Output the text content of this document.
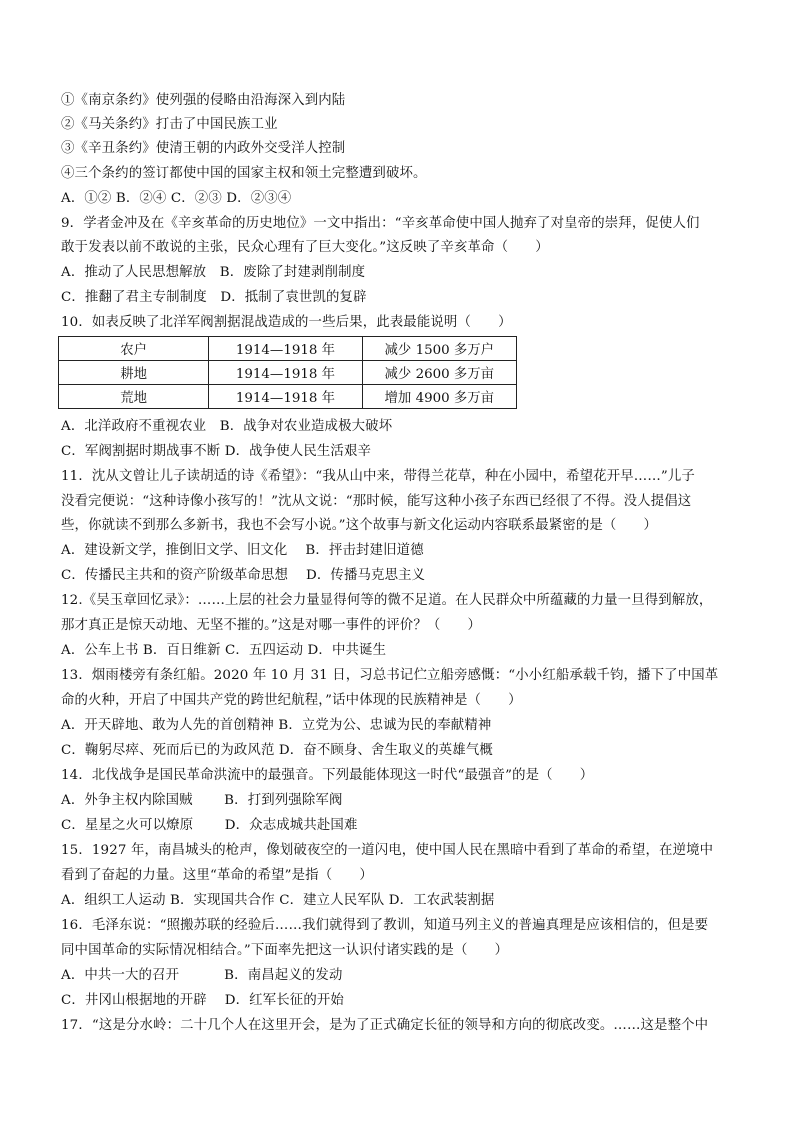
①《南京条约》使列强的侵略由沿海深入到内陆
②《马关条约》打击了中国民族工业
③《辛丑条约》使清王朝的内政外交受洋人控制
④三个条约的签订都使中国的国家主权和领土完整遭到破坏。
A．①② B．②④ C．②③ D．②③④
9．学者金冲及在《辛亥革命的历史地位》一文中指出：“辛亥革命使中国人抛弃了对皇帝的崇拜，促使人们
敢于发表以前不敢说的主张，民众心理有了巨大变化。”这反映了辛亥革命（　　）
A．推动了人民思想解放　B．废除了封建剥削制度
C．推翻了君主专制制度　D．抵制了袁世凯的复辟
10．如表反映了北洋军阀割据混战造成的一些后果，此表最能说明（　　）
农户	1914—1918 年	减少 1500 多万户
耕地	1914—1918 年	减少 2600 多万亩
荒地	1914—1918 年	增加 4900 多万亩
A．北洋政府不重视农业　B．战争对农业造成极大破坏
C．军阀割据时期战事不断 D．战争使人民生活艰辛
11．沈从文曾让儿子读胡适的诗《希望》：“我从山中来，带得兰花草，种在小园中，希望花开早……”儿子
没看完便说：“这种诗像小孩写的！”沈从文说：“那时候，能写这种小孩子东西已经很了不得。没人提倡这
些，你就读不到那么多新书，我也不会写小说。”这个故事与新文化运动内容联系最紧密的是（　　）
A．建设新文学，推倒旧文学、旧文化　 B．抨击封建旧道德
C．传播民主共和的资产阶级革命思想　 D．传播马克思主义
12.《吴玉章回忆录》：……上层的社会力量显得何等的微不足道。在人民群众中所蕴藏的力量一旦得到解放，
那才真正是惊天动地、无坚不摧的。”这是对哪一事件的评价？（　　）
A．公车上书 B．百日维新 C．五四运动 D．中共诞生
13．烟雨楼旁有条红船。2020 年 10 月 31 日，习总书记伫立船旁感慨：“小小红船承载千钧，播下了中国革
命的火种，开启了中国共产党的跨世纪航程，”话中体现的民族精神是（　　）
A．开天辟地、敢为人先的首创精神 B．立党为公、忠诚为民的奉献精神
C．鞠躬尽瘁、死而后已的为政风范 D．奋不顾身、舍生取义的英雄气概
14．北伐战争是国民革命洪流中的最强音。下列最能体现这一时代“最强音”的是（　　）
A．外争主权内除国贼　　 B．打到列强除军阀
C．星星之火可以燎原　　 D．众志成城共赴国难
15．1927 年，南昌城头的枪声，像划破夜空的一道闪电，使中国人民在黑暗中看到了革命的希望，在逆境中
看到了奋起的力量。这里“革命的希望”是指（　　）
A．组织工人运动 B．实现国共合作 C．建立人民军队 D．工农武装割据
16．毛泽东说：“照搬苏联的经验后……我们就得到了教训，知道马列主义的普遍真理是应该相信的，但是要
同中国革命的实际情况相结合。”下面率先把这一认识付诸实践的是（　　）
A．中共一大的召开　　　 B．南昌起义的发动
C．井冈山根据地的开辟　 D．红军长征的开始
17．“这是分水岭：二十几个人在这里开会，是为了正式确定长征的领导和方向的彻底改变。……这是整个中
